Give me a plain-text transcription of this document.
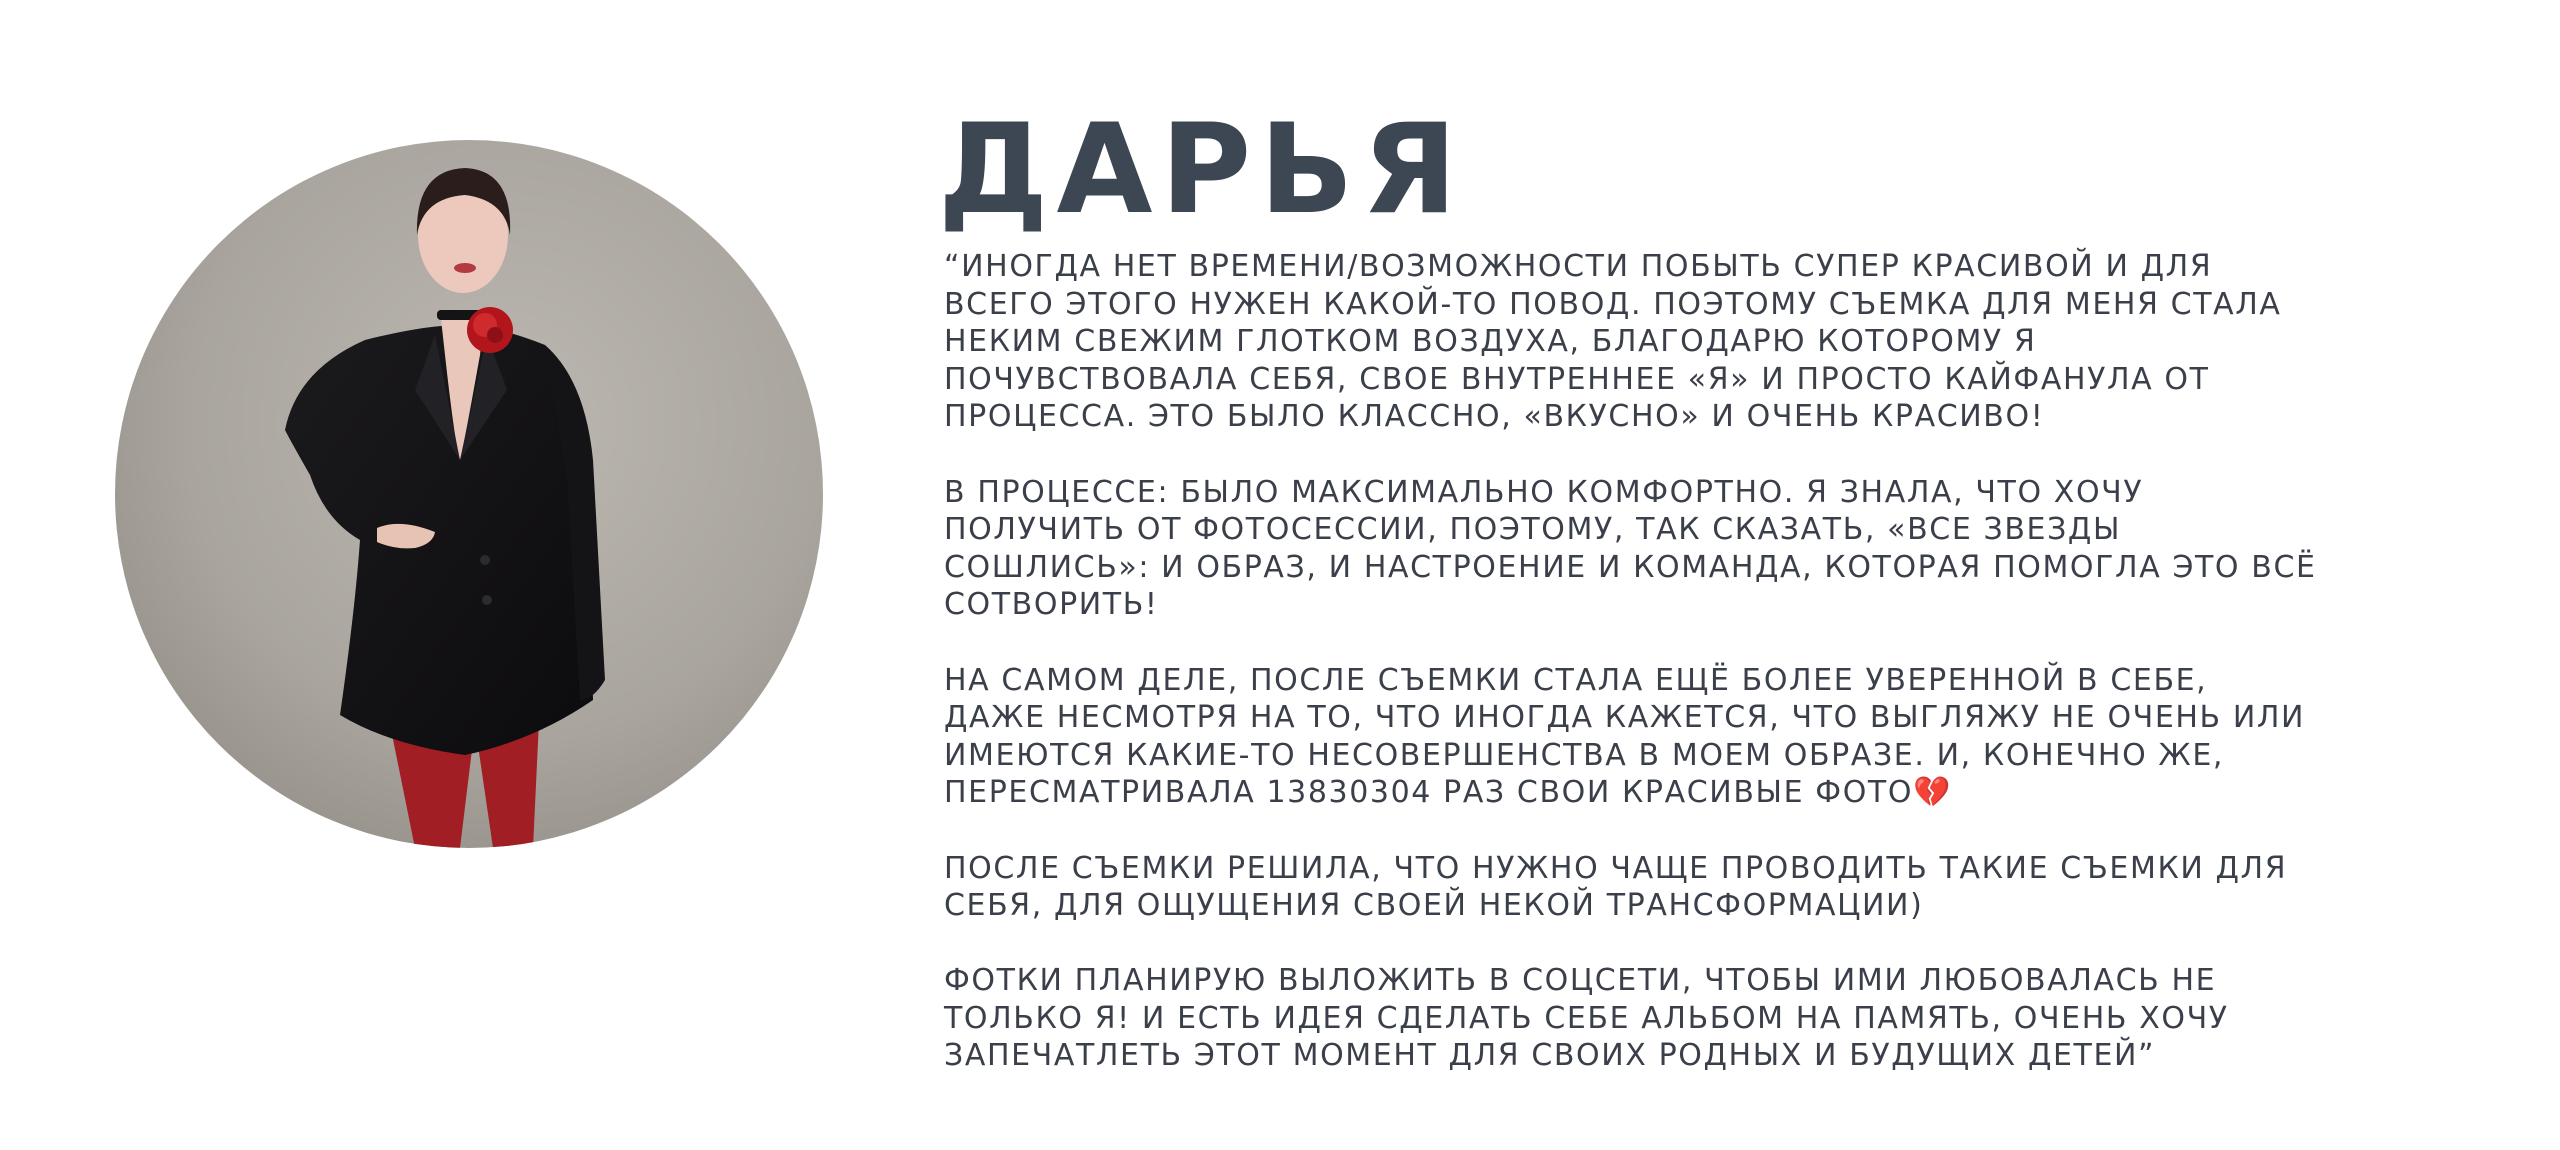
ДАРЬЯ

“ИНОГДА НЕТ ВРЕМЕНИ/ВОЗМОЖНОСТИ ПОБЫТЬ СУПЕР КРАСИВОЙ И ДЛЯ
ВСЕГО ЭТОГО НУЖЕН КАКОЙ-ТО ПОВОД. ПОЭТОМУ СЪЕМКА ДЛЯ МЕНЯ СТАЛА
НЕКИМ СВЕЖИМ ГЛОТКОМ ВОЗДУХА, БЛАГОДАРЮ КОТОРОМУ Я
ПОЧУВСТВОВАЛА СЕБЯ, СВОЕ ВНУТРЕННЕЕ «Я» И ПРОСТО КАЙФАНУЛА ОТ
ПРОЦЕССА. ЭТО БЫЛО КЛАССНО, «ВКУСНО» И ОЧЕНЬ КРАСИВО!

В ПРОЦЕССЕ: БЫЛО МАКСИМАЛЬНО КОМФОРТНО. Я ЗНАЛА, ЧТО ХОЧУ
ПОЛУЧИТЬ ОТ ФОТОСЕССИИ, ПОЭТОМУ, ТАК СКАЗАТЬ, «ВСЕ ЗВЕЗДЫ
СОШЛИСЬ»: И ОБРАЗ, И НАСТРОЕНИЕ И КОМАНДА, КОТОРАЯ ПОМОГЛА ЭТО ВСЁ
СОТВОРИТЬ!

НА САМОМ ДЕЛЕ, ПОСЛЕ СЪЕМКИ СТАЛА ЕЩЁ БОЛЕЕ УВЕРЕННОЙ В СЕБЕ,
ДАЖЕ НЕСМОТРЯ НА ТО, ЧТО ИНОГДА КАЖЕТСЯ, ЧТО ВЫГЛЯЖУ НЕ ОЧЕНЬ ИЛИ
ИМЕЮТСЯ КАКИЕ-ТО НЕСОВЕРШЕНСТВА В МОЕМ ОБРАЗЕ. И, КОНЕЧНО ЖЕ,
ПЕРЕСМАТРИВАЛА 13830304 РАЗ СВОИ КРАСИВЫЕ ФОТО💔

ПОСЛЕ СЪЕМКИ РЕШИЛА, ЧТО НУЖНО ЧАЩЕ ПРОВОДИТЬ ТАКИЕ СЪЕМКИ ДЛЯ
СЕБЯ, ДЛЯ ОЩУЩЕНИЯ СВОЕЙ НЕКОЙ ТРАНСФОРМАЦИИ)

ФОТКИ ПЛАНИРУЮ ВЫЛОЖИТЬ В СОЦСЕТИ, ЧТОБЫ ИМИ ЛЮБОВАЛАСЬ НЕ
ТОЛЬКО Я! И ЕСТЬ ИДЕЯ СДЕЛАТЬ СЕБЕ АЛЬБОМ НА ПАМЯТЬ, ОЧЕНЬ ХОЧУ
ЗАПЕЧАТЛЕТЬ ЭТОТ МОМЕНТ ДЛЯ СВОИХ РОДНЫХ И БУДУЩИХ ДЕТЕЙ”
